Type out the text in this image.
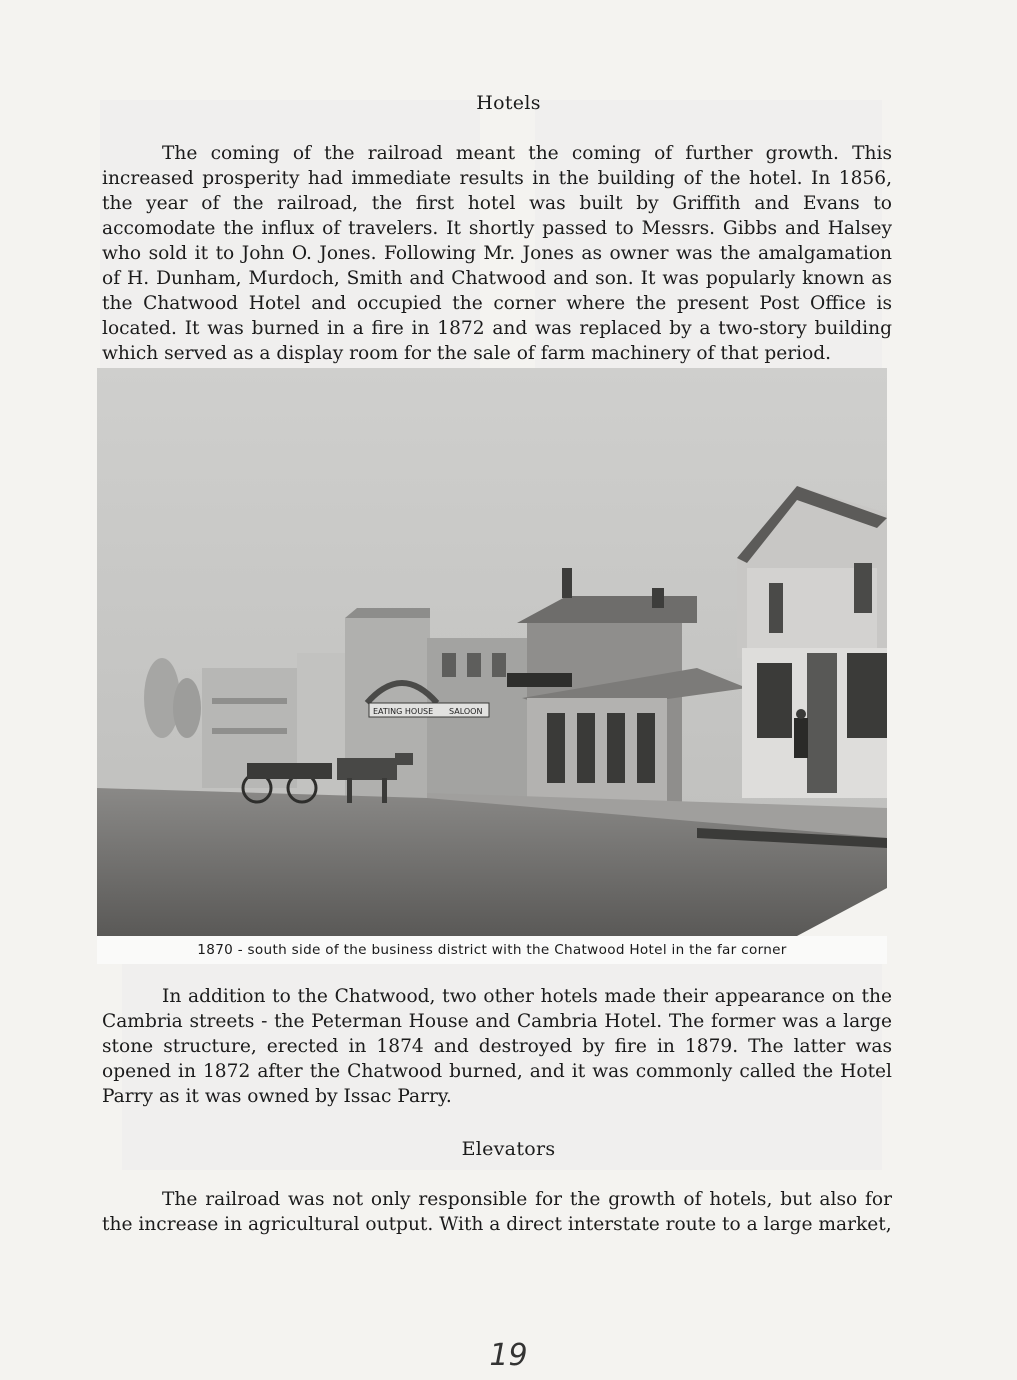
Hotels
The coming of the railroad meant the coming of further growth. This increased prosperity had immediate results in the building of the hotel. In 1856, the year of the railroad, the first hotel was built by Griffith and Evans to accomodate the influx of travelers. It shortly passed to Messrs. Gibbs and Halsey who sold it to John O. Jones. Following Mr. Jones as owner was the amalgamation of H. Dunham, Murdoch, Smith and Chatwood and son. It was popularly known as the Chatwood Hotel and occupied the corner where the present Post Office is located. It was burned in a fire in 1872 and was replaced by a two-story building which served as a display room for the sale of farm machinery of that period.
EATING HOUSE SALOON
1870 - south side of the business district with the Chatwood Hotel in the far corner
In addition to the Chatwood, two other hotels made their appearance on the Cambria streets - the Peterman House and Cambria Hotel. The former was a large stone structure, erected in 1874 and destroyed by fire in 1879. The latter was opened in 1872 after the Chatwood burned, and it was commonly called the Hotel Parry as it was owned by Issac Parry.
Elevators
The railroad was not only responsible for the growth of hotels, but also for the increase in agricultural output. With a direct interstate route to a large market,
19
